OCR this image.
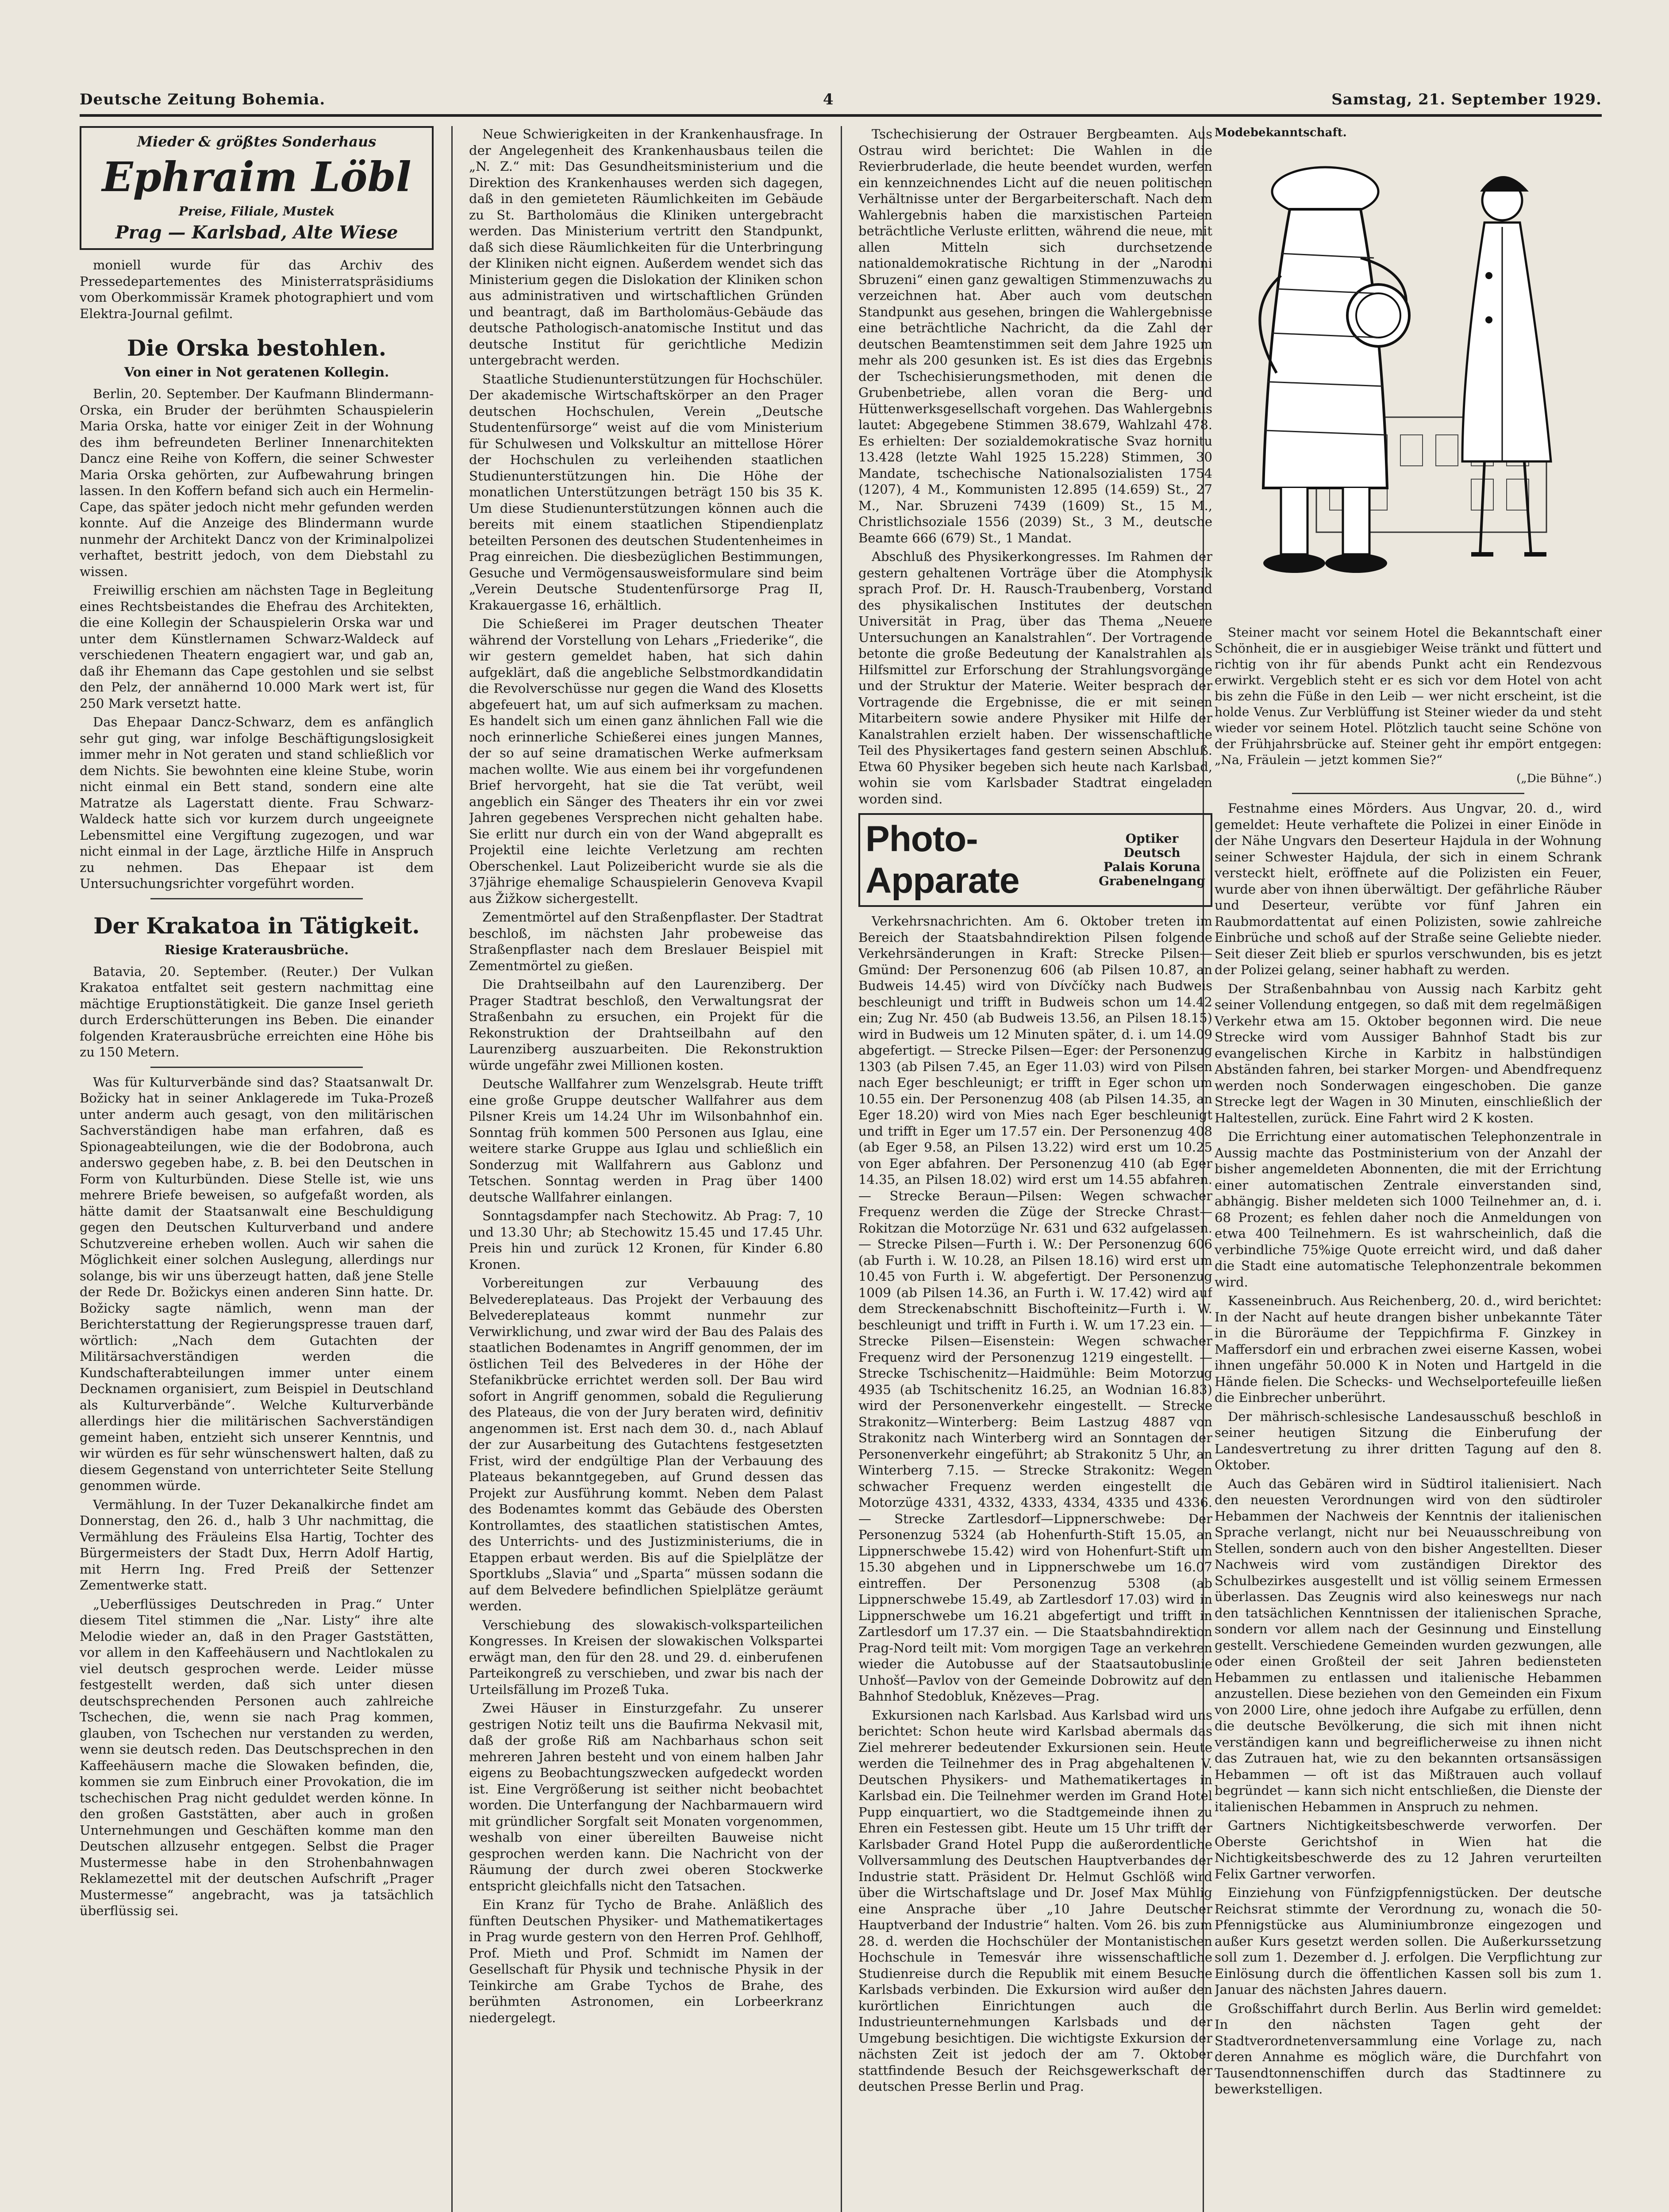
Deutsche Zeitung Bohemia.	4	Samstag, 21. September 1929.
Mieder & größtes Sonderhaus
Ephraim Löbl
Preise, Filiale, Mustek
Prag — Karlsbad, Alte Wiese

moniell wurde für das Archiv des Pressedepartementes des Ministerratspräsidiums vom Oberkommissär Kramek photographiert und vom Elektra-Journal gefilmt.

Die Orska bestohlen.
Von einer in Not geratenen Kollegin.

Berlin, 20. September. Der Kaufmann Blindermann-Orska, ein Bruder der berühmten Schauspielerin Maria Orska, hatte vor einiger Zeit in der Wohnung des ihm befreundeten Berliner Innenarchitekten Dancz eine Reihe von Koffern, die seiner Schwester Maria Orska gehörten, zur Aufbewahrung bringen lassen. In den Koffern befand sich auch ein Hermelin-Cape, das später jedoch nicht mehr gefunden werden konnte. Auf die Anzeige des Blindermann wurde nunmehr der Architekt Dancz von der Kriminalpolizei verhaftet, bestritt jedoch, von dem Diebstahl zu wissen.

Freiwillig erschien am nächsten Tage in Begleitung eines Rechtsbeistandes die Ehefrau des Architekten, die eine Kollegin der Schauspielerin Orska war und unter dem Künstlernamen Schwarz-Waldeck auf verschiedenen Theatern engagiert war, und gab an, daß ihr Ehemann das Cape gestohlen und sie selbst den Pelz, der annähernd 10.000 Mark wert ist, für 250 Mark versetzt hatte.

Das Ehepaar Dancz-Schwarz, dem es anfänglich sehr gut ging, war infolge Beschäftigungslosigkeit immer mehr in Not geraten und stand schließlich vor dem Nichts. Sie bewohnten eine kleine Stube, worin nicht einmal ein Bett stand, sondern eine alte Matratze als Lagerstatt diente. Frau Schwarz-Waldeck hatte sich vor kurzem durch ungeeignete Lebensmittel eine Vergiftung zugezogen, und war nicht einmal in der Lage, ärztliche Hilfe in Anspruch zu nehmen. Das Ehepaar ist dem Untersuchungsrichter vorgeführt worden.

Der Krakatoa in Tätigkeit.
Riesige Kraterausbrüche.

Batavia, 20. September. (Reuter.) Der Vulkan Krakatoa entfaltet seit gestern nachmittag eine mächtige Eruptionstätigkeit. Die ganze Insel gerieth durch Erderschütterungen ins Beben. Die einander folgenden Kraterausbrüche erreichten eine Höhe bis zu 150 Metern.

Was für Kulturverbände sind das? Staatsanwalt Dr. Božicky hat in seiner Anklagerede im Tuka-Prozeß unter anderm auch gesagt, von den militärischen Sachverständigen habe man erfahren, daß es Spionageabteilungen, wie die der Bodobrona, auch anderswo gegeben habe, z. B. bei den Deutschen in Form von Kulturbünden. Diese Stelle ist, wie uns mehrere Briefe beweisen, so aufgefaßt worden, als hätte damit der Staatsanwalt eine Beschuldigung gegen den Deutschen Kulturverband und andere Schutzvereine erheben wollen. Auch wir sahen die Möglichkeit einer solchen Auslegung, allerdings nur solange, bis wir uns überzeugt hatten, daß jene Stelle der Rede Dr. Božickys einen anderen Sinn hatte. Dr. Božicky sagte nämlich, wenn man der Berichterstattung der Regierungspresse trauen darf, wörtlich: „Nach dem Gutachten der Militärsachverständigen werden die Kundschafterabteilungen immer unter einem Decknamen organisiert, zum Beispiel in Deutschland als Kulturverbände“. Welche Kulturverbände allerdings hier die militärischen Sachverständigen gemeint haben, entzieht sich unserer Kenntnis, und wir würden es für sehr wünschenswert halten, daß zu diesem Gegenstand von unterrichteter Seite Stellung genommen würde.

Vermählung. In der Tuzer Dekanalkirche findet am Donnerstag, den 26. d., halb 3 Uhr nachmittag, die Vermählung des Fräuleins Elsa Hartig, Tochter des Bürgermeisters der Stadt Dux, Herrn Adolf Hartig, mit Herrn Ing. Fred Preiß der Settenzer Zementwerke statt.

„Ueberflüssiges Deutschreden in Prag.“ Unter diesem Titel stimmen die „Nar. Listy“ ihre alte Melodie wieder an, daß in den Prager Gaststätten, vor allem in den Kaffeehäusern und Nachtlokalen zu viel deutsch gesprochen werde. Leider müsse festgestellt werden, daß sich unter diesen deutschsprechenden Personen auch zahlreiche Tschechen, die, wenn sie nach Prag kommen, glauben, von Tschechen nur verstanden zu werden, wenn sie deutsch reden. Das Deutschsprechen in den Kaffeehäusern mache die Slowaken befinden, die, kommen sie zum Einbruch einer Provokation, die im tschechischen Prag nicht geduldet werden könne. In den großen Gaststätten, aber auch in großen Unternehmungen und Geschäften komme man den Deutschen allzusehr entgegen. Selbst die Prager Mustermesse habe in den Strohenbahnwagen Reklamezettel mit der deutschen Aufschrift „Prager Mustermesse“ angebracht, was ja tatsächlich überflüssig sei.

Neue Schwierigkeiten in der Krankenhausfrage. In der Angelegenheit des Krankenhausbaus teilen die „N. Z.“ mit: Das Gesundheitsministerium und die Direktion des Krankenhauses werden sich dagegen, daß in den gemieteten Räumlichkeiten im Gebäude zu St. Bartholomäus die Kliniken untergebracht werden. Das Ministerium vertritt den Standpunkt, daß sich diese Räumlichkeiten für die Unterbringung der Kliniken nicht eignen. Außerdem wendet sich das Ministerium gegen die Dislokation der Kliniken schon aus administrativen und wirtschaftlichen Gründen und beantragt, daß im Bartholomäus-Gebäude das deutsche Pathologisch-anatomische Institut und das deutsche Institut für gerichtliche Medizin untergebracht werden.

Staatliche Studienunterstützungen für Hochschüler. Der akademische Wirtschaftskörper an den Prager deutschen Hochschulen, Verein „Deutsche Studentenfürsorge“ weist auf die vom Ministerium für Schulwesen und Volkskultur an mittellose Hörer der Hochschulen zu verleihenden staatlichen Studienunterstützungen hin. Die Höhe der monatlichen Unterstützungen beträgt 150 bis 35 K. Um diese Studienunterstützungen können auch die bereits mit einem staatlichen Stipendienplatz beteilten Personen des deutschen Studentenheimes in Prag einreichen. Die diesbezüglichen Bestimmungen, Gesuche und Vermögensausweisformulare sind beim „Verein Deutsche Studentenfürsorge Prag II, Krakauergasse 16, erhältlich.

Die Schießerei im Prager deutschen Theater während der Vorstellung von Lehars „Friederike“, die wir gestern gemeldet haben, hat sich dahin aufgeklärt, daß die angebliche Selbstmordkandidatin die Revolverschüsse nur gegen die Wand des Klosetts abgefeuert hat, um auf sich aufmerksam zu machen. Es handelt sich um einen ganz ähnlichen Fall wie die noch erinnerliche Schießerei eines jungen Mannes, der so auf seine dramatischen Werke aufmerksam machen wollte. Wie aus einem bei ihr vorgefundenen Brief hervorgeht, hat sie die Tat verübt, weil angeblich ein Sänger des Theaters ihr ein vor zwei Jahren gegebenes Versprechen nicht gehalten habe. Sie erlitt nur durch ein von der Wand abgeprallt es Projektil eine leichte Verletzung am rechten Oberschenkel. Laut Polizeibericht wurde sie als die 37jährige ehemalige Schauspielerin Genoveva Kvapil aus Žižkow sichergestellt.

Zementmörtel auf den Straßenpflaster. Der Stadtrat beschloß, im nächsten Jahr probeweise das Straßenpflaster nach dem Breslauer Beispiel mit Zementmörtel zu gießen.

Die Drahtseilbahn auf den Laurenziberg. Der Prager Stadtrat beschloß, den Verwaltungsrat der Straßenbahn zu ersuchen, ein Projekt für die Rekonstruktion der Drahtseilbahn auf den Laurenziberg auszuarbeiten. Die Rekonstruktion würde ungefähr zwei Millionen kosten.

Deutsche Wallfahrer zum Wenzelsgrab. Heute trifft eine große Gruppe deutscher Wallfahrer aus dem Pilsner Kreis um 14.24 Uhr im Wilsonbahnhof ein. Sonntag früh kommen 500 Personen aus Iglau, eine weitere starke Gruppe aus Iglau und schließlich ein Sonderzug mit Wallfahrern aus Gablonz und Tetschen. Sonntag werden in Prag über 1400 deutsche Wallfahrer einlangen.

Sonntagsdampfer nach Stechowitz. Ab Prag: 7, 10 und 13.30 Uhr; ab Stechowitz 15.45 und 17.45 Uhr. Preis hin und zurück 12 Kronen, für Kinder 6.80 Kronen.

Vorbereitungen zur Verbauung des Belvedereplateaus. Das Projekt der Verbauung des Belvedereplateaus kommt nunmehr zur Verwirklichung, und zwar wird der Bau des Palais des staatlichen Bodenamtes in Angriff genommen, der im östlichen Teil des Belvederes in der Höhe der Stefanikbrücke errichtet werden soll. Der Bau wird sofort in Angriff genommen, sobald die Regulierung des Plateaus, die von der Jury beraten wird, definitiv angenommen ist. Erst nach dem 30. d., nach Ablauf der zur Ausarbeitung des Gutachtens festgesetzten Frist, wird der endgültige Plan der Verbauung des Plateaus bekanntgegeben, auf Grund dessen das Projekt zur Ausführung kommt. Neben dem Palast des Bodenamtes kommt das Gebäude des Obersten Kontrollamtes, des staatlichen statistischen Amtes, des Unterrichts- und des Justizministeriums, die in Etappen erbaut werden. Bis auf die Spielplätze der Sportklubs „Slavia“ und „Sparta“ müssen sodann die auf dem Belvedere befindlichen Spielplätze geräumt werden.

Verschiebung des slowakisch-volksparteilichen Kongresses. In Kreisen der slowakischen Volkspartei erwägt man, den für den 28. und 29. d. einberufenen Parteikongreß zu verschieben, und zwar bis nach der Urteilsfällung im Prozeß Tuka.

Zwei Häuser in Einsturzgefahr. Zu unserer gestrigen Notiz teilt uns die Baufirma Nekvasil mit, daß der große Riß am Nachbarhaus schon seit mehreren Jahren besteht und von einem halben Jahr eigens zu Beobachtungszwecken aufgedeckt worden ist. Eine Vergrößerung ist seither nicht beobachtet worden. Die Unterfangung der Nachbarmauern wird mit gründlicher Sorgfalt seit Monaten vorgenommen, weshalb von einer übereilten Bauweise nicht gesprochen werden kann. Die Nachricht von der Räumung der durch zwei oberen Stockwerke entspricht gleichfalls nicht den Tatsachen.

Ein Kranz für Tycho de Brahe. Anläßlich des fünften Deutschen Physiker- und Mathematikertages in Prag wurde gestern von den Herren Prof. Gehlhoff, Prof. Mieth und Prof. Schmidt im Namen der Gesellschaft für Physik und technische Physik in der Teinkirche am Grabe Tychos de Brahe, des berühmten Astronomen, ein Lorbeerkranz niedergelegt.

Tschechisierung der Ostrauer Bergbeamten. Aus Ostrau wird berichtet: Die Wahlen in die Revierbruderlade, die heute beendet wurden, werfen ein kennzeichnendes Licht auf die neuen politischen Verhältnisse unter der Bergarbeiterschaft. Nach dem Wahlergebnis haben die marxistischen Parteien beträchtliche Verluste erlitten, während die neue, mit allen Mitteln sich durchsetzende nationaldemokratische Richtung in der „Narodni Sbruzeni“ einen ganz gewaltigen Stimmenzuwachs zu verzeichnen hat. Aber auch vom deutschen Standpunkt aus gesehen, bringen die Wahlergebnisse eine beträchtliche Nachricht, da die Zahl der deutschen Beamtenstimmen seit dem Jahre 1925 um mehr als 200 gesunken ist. Es ist dies das Ergebnis der Tschechisierungsmethoden, mit denen die Grubenbetriebe, allen voran die Berg- und Hüttenwerksgesellschaft vorgehen. Das Wahlergebnis lautet: Abgegebene Stimmen 38.679, Wahlzahl 478. Es erhielten: Der sozialdemokratische Svaz hornitu 13.428 (letzte Wahl 1925 15.228) Stimmen, 30 Mandate, tschechische Nationalsozialisten 1754 (1207), 4 M., Kommunisten 12.895 (14.659) St., 27 M., Nar. Sbruzeni 7439 (1609) St., 15 M., Christlichsoziale 1556 (2039) St., 3 M., deutsche Beamte 666 (679) St., 1 Mandat.

Abschluß des Physikerkongresses. Im Rahmen der gestern gehaltenen Vorträge über die Atomphysik sprach Prof. Dr. H. Rausch-Traubenberg, Vorstand des physikalischen Institutes der deutschen Universität in Prag, über das Thema „Neuere Untersuchungen an Kanalstrahlen“. Der Vortragende betonte die große Bedeutung der Kanalstrahlen als Hilfsmittel zur Erforschung der Strahlungsvorgänge und der Struktur der Materie. Weiter besprach der Vortragende die Ergebnisse, die er mit seinen Mitarbeitern sowie andere Physiker mit Hilfe der Kanalstrahlen erzielt haben. Der wissenschaftliche Teil des Physikertages fand gestern seinen Abschluß. Etwa 60 Physiker begeben sich heute nach Karlsbad, wohin sie vom Karlsbader Stadtrat eingeladen worden sind.

Photo-Apparate
Optiker Deutsch
Palais Koruna
Grabenelngang

Verkehrsnachrichten. Am 6. Oktober treten im Bereich der Staatsbahndirektion Pilsen folgende Verkehrsänderungen in Kraft: Strecke Pilsen—Gmünd: Der Personenzug 606 (ab Pilsen 10.87, an Budweis 14.45) wird von Dívčíčky nach Budweis beschleunigt und trifft in Budweis schon um 14.42 ein; Zug Nr. 450 (ab Budweis 13.56, an Pilsen 18.15) wird in Budweis um 12 Minuten später, d. i. um 14.09 abgefertigt. — Strecke Pilsen—Eger: der Personenzug 1303 (ab Pilsen 7.45, an Eger 11.03) wird von Pilsen nach Eger beschleunigt; er trifft in Eger schon um 10.55 ein. Der Personenzug 408 (ab Pilsen 14.35, an Eger 18.20) wird von Mies nach Eger beschleunigt und trifft in Eger um 17.57 ein. Der Personenzug 408 (ab Eger 9.58, an Pilsen 13.22) wird erst um 10.25 von Eger abfahren. Der Personenzug 410 (ab Eger 14.35, an Pilsen 18.02) wird erst um 14.55 abfahren. — Strecke Beraun—Pilsen: Wegen schwacher Frequenz werden die Züge der Strecke Chrast—Rokitzan die Motorzüge Nr. 631 und 632 aufgelassen. — Strecke Pilsen—Furth i. W.: Der Personenzug 606 (ab Furth i. W. 10.28, an Pilsen 18.16) wird erst um 10.45 von Furth i. W. abgefertigt. Der Personenzug 1009 (ab Pilsen 14.36, an Furth i. W. 17.42) wird auf dem Streckenabschnitt Bischofteinitz—Furth i. W. beschleunigt und trifft in Furth i. W. um 17.23 ein. — Strecke Pilsen—Eisenstein: Wegen schwacher Frequenz wird der Personenzug 1219 eingestellt. — Strecke Tschischenitz—Haidmühle: Beim Motorzug 4935 (ab Tschitschenitz 16.25, an Wodnian 16.83) wird der Personenverkehr eingestellt. — Strecke Strakonitz—Winterberg: Beim Lastzug 4887 von Strakonitz nach Winterberg wird an Sonntagen der Personenverkehr eingeführt; ab Strakonitz 5 Uhr, an Winterberg 7.15. — Strecke Strakonitz: Wegen schwacher Frequenz werden eingestellt die Motorzüge 4331, 4332, 4333, 4334, 4335 und 4336. — Strecke Zartlesdorf—Lippnerschwebe: Der Personenzug 5324 (ab Hohenfurth-Stift 15.05, an Lippnerschwebe 15.42) wird von Hohenfurt-Stift um 15.30 abgehen und in Lippnerschwebe um 16.07 eintreffen. Der Personenzug 5308 (ab Lippnerschwebe 15.49, ab Zartlesdorf 17.03) wird in Lippnerschwebe um 16.21 abgefertigt und trifft in Zartlesdorf um 17.37 ein. — Die Staatsbahndirektion Prag-Nord teilt mit: Vom morgigen Tage an verkehren wieder die Autobusse auf der Staatsautobuslinie Unhošť—Pavlov von der Gemeinde Dobrowitz auf den Bahnhof Stedobluk, Knězeves—Prag.

Exkursionen nach Karlsbad. Aus Karlsbad wird uns berichtet: Schon heute wird Karlsbad abermals das Ziel mehrerer bedeutender Exkursionen sein. Heute werden die Teilnehmer des in Prag abgehaltenen V. Deutschen Physikers- und Mathematikertages in Karlsbad ein. Die Teilnehmer werden im Grand Hotel Pupp einquartiert, wo die Stadtgemeinde ihnen zu Ehren ein Festessen gibt. Heute um 15 Uhr trifft der Karlsbader Grand Hotel Pupp die außerordentliche Vollversammlung des Deutschen Hauptverbandes der Industrie statt. Präsident Dr. Helmut Gschlöß wird über die Wirtschaftslage und Dr. Josef Max Mühlig eine Ansprache über „10 Jahre Deutscher Hauptverband der Industrie“ halten. Vom 26. bis zum 28. d. werden die Hochschüler der Montanistischen Hochschule in Temesvár ihre wissenschaftliche Studienreise durch die Republik mit einem Besuche Karlsbads verbinden. Die Exkursion wird außer den kurörtlichen Einrichtungen auch die Industrieunternehmungen Karlsbads und der Umgebung besichtigen. Die wichtigste Exkursion der nächsten Zeit ist jedoch der am 7. Oktober stattfindende Besuch der Reichsgewerkschaft der deutschen Presse Berlin und Prag.

Modebekanntschaft.
Steiner macht vor seinem Hotel die Bekanntschaft einer Schönheit, die er in ausgiebiger Weise tränkt und füttert und richtig von ihr für abends Punkt acht ein Rendezvous erwirkt. Vergeblich steht er es sich vor dem Hotel von acht bis zehn die Füße in den Leib — wer nicht erscheint, ist die holde Venus. Zur Verblüffung ist Steiner wieder da und steht wieder vor seinem Hotel. Plötzlich taucht seine Schöne von der Frühjahrsbrücke auf. Steiner geht ihr empört entgegen: „Na, Fräulein — jetzt kommen Sie?“
(„Die Bühne“.)

Festnahme eines Mörders. Aus Ungvar, 20. d., wird gemeldet: Heute verhaftete die Polizei in einer Einöde in der Nähe Ungvars den Deserteur Hajdula in der Wohnung seiner Schwester Hajdula, der sich in einem Schrank versteckt hielt, eröffnete auf die Polizisten ein Feuer, wurde aber von ihnen überwältigt. Der gefährliche Räuber und Deserteur, verübte vor fünf Jahren ein Raubmordattentat auf einen Polizisten, sowie zahlreiche Einbrüche und schoß auf der Straße seine Geliebte nieder. Seit dieser Zeit blieb er spurlos verschwunden, bis es jetzt der Polizei gelang, seiner habhaft zu werden.

Der Straßenbahnbau von Aussig nach Karbitz geht seiner Vollendung entgegen, so daß mit dem regelmäßigen Verkehr etwa am 15. Oktober begonnen wird. Die neue Strecke wird vom Aussiger Bahnhof Stadt bis zur evangelischen Kirche in Karbitz in halbstündigen Abständen fahren, bei starker Morgen- und Abendfrequenz werden noch Sonderwagen eingeschoben. Die ganze Strecke legt der Wagen in 30 Minuten, einschließlich der Haltestellen, zurück. Eine Fahrt wird 2 K kosten.

Die Errichtung einer automatischen Telephonzentrale in Aussig machte das Postministerium von der Anzahl der bisher angemeldeten Abonnenten, die mit der Errichtung einer automatischen Zentrale einverstanden sind, abhängig. Bisher meldeten sich 1000 Teilnehmer an, d. i. 68 Prozent; es fehlen daher noch die Anmeldungen von etwa 400 Teilnehmern. Es ist wahrscheinlich, daß die verbindliche 75%ige Quote erreicht wird, und daß daher die Stadt eine automatische Telephonzentrale bekommen wird.

Kasseneinbruch. Aus Reichenberg, 20. d., wird berichtet: In der Nacht auf heute drangen bisher unbekannte Täter in die Büroräume der Teppichfirma F. Ginzkey in Maffersdorf ein und erbrachen zwei eiserne Kassen, wobei ihnen ungefähr 50.000 K in Noten und Hartgeld in die Hände fielen. Die Schecks- und Wechselportefeuille ließen die Einbrecher unberührt.

Der mährisch-schlesische Landesausschuß beschloß in seiner heutigen Sitzung die Einberufung der Landesvertretung zu ihrer dritten Tagung auf den 8. Oktober.

Auch das Gebären wird in Südtirol italienisiert. Nach den neuesten Verordnungen wird von den südtiroler Hebammen der Nachweis der Kenntnis der italienischen Sprache verlangt, nicht nur bei Neuausschreibung von Stellen, sondern auch von den bisher Angestellten. Dieser Nachweis wird vom zuständigen Direktor des Schulbezirkes ausgestellt und ist völlig seinem Ermessen überlassen. Das Zeugnis wird also keineswegs nur nach den tatsächlichen Kenntnissen der italienischen Sprache, sondern vor allem nach der Gesinnung und Einstellung gestellt. Verschiedene Gemeinden wurden gezwungen, alle oder einen Großteil der seit Jahren bediensteten Hebammen zu entlassen und italienische Hebammen anzustellen. Diese beziehen von den Gemeinden ein Fixum von 2000 Lire, ohne jedoch ihre Aufgabe zu erfüllen, denn die deutsche Bevölkerung, die sich mit ihnen nicht verständigen kann und begreiflicherweise zu ihnen nicht das Zutrauen hat, wie zu den bekannten ortsansässigen Hebammen — oft ist das Mißtrauen auch vollauf begründet — kann sich nicht entschließen, die Dienste der italienischen Hebammen in Anspruch zu nehmen.

Gartners Nichtigkeitsbeschwerde verworfen. Der Oberste Gerichtshof in Wien hat die Nichtigkeitsbeschwerde des zu 12 Jahren verurteilten Felix Gartner verworfen.

Einziehung von Fünfzigpfennigstücken. Der deutsche Reichsrat stimmte der Verordnung zu, wonach die 50-Pfennigstücke aus Aluminiumbronze eingezogen und außer Kurs gesetzt werden sollen. Die Außerkurssetzung soll zum 1. Dezember d. J. erfolgen. Die Verpflichtung zur Einlösung durch die öffentlichen Kassen soll bis zum 1. Januar des nächsten Jahres dauern.

Großschiffahrt durch Berlin. Aus Berlin wird gemeldet: In den nächsten Tagen geht der Stadtverordnetenversammlung eine Vorlage zu, nach deren Annahme es möglich wäre, die Durchfahrt von Tausendtonnenschiffen durch das Stadtinnere zu bewerkstelligen.
